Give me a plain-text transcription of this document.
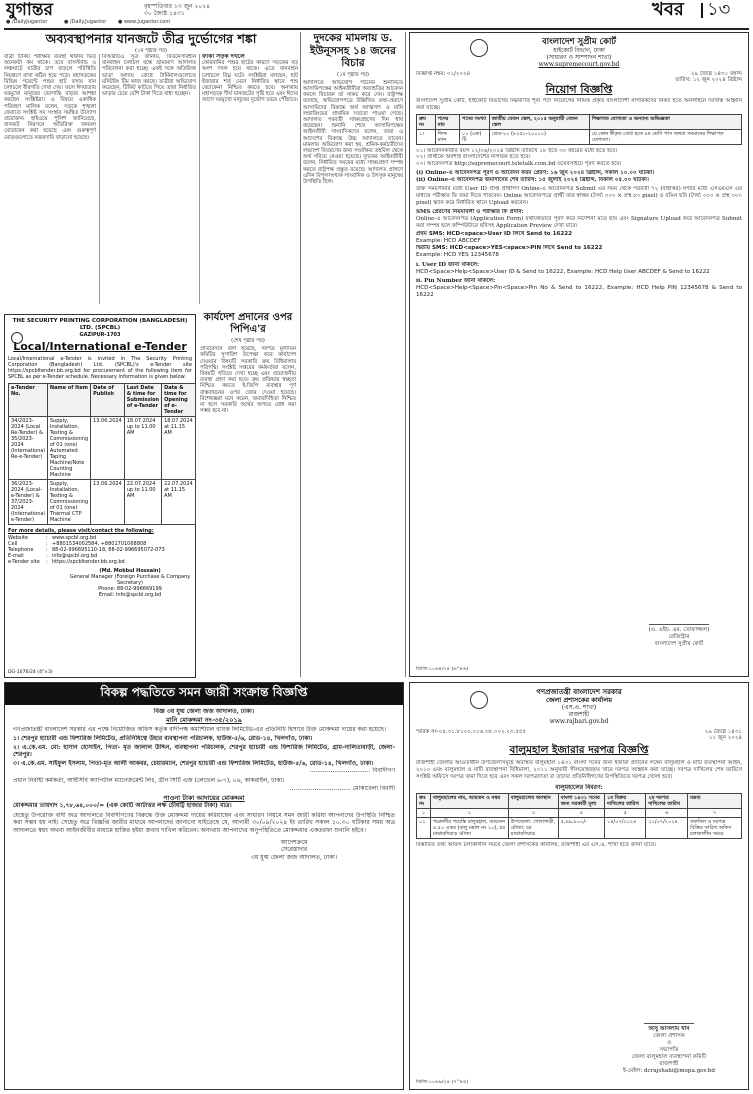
যুগান্তর	বৃহস্পতিবার ১৩ জুন ২০২৪
৩০ জ্যৈষ্ঠ ১৪৩১
● /DailyJugantor	● /Daily.Jugantor ● www.jugantor.com
খবর ১৩
অব্যবস্থাপনার যানজটে তীব্র দুর্ভোগের শঙ্কা
(১ম পৃষ্ঠার পর)
যাত্রী টিকিট পরীক্ষার ব্যবস্থা থাকায় ভিড় অনেকটা কম থাকে। তবে বাসস্ট্যান্ড ও লঞ্চঘাটে যাত্রীর চাপ বাড়লে পরিস্থিতি নিয়ন্ত্রণে রাখা কঠিন হয়ে পড়ে। মহাসড়কের বিভিন্ন পয়েন্টে পশুর হাট বসায় যান চলাচলে ধীরগতি দেখা দেয়। ফলে ঈদযাত্রায় ঘরমুখো মানুষের ভোগান্তি বাড়ার আশঙ্কা করছেন সংশ্লিষ্টরা। এ বিষয়ে একাধিক পরিবহণ মালিক বলেন, সড়কে শৃঙ্খলা ফেরাতে সংশ্লিষ্ট সব সংস্থার সমন্বিত উদ্যোগ প্রয়োজন। হাইওয়ে পুলিশ জানিয়েছে, যানজট নিরসনে অতিরিক্ত জনবল মোতায়েন করা হয়েছে এবং গুরুত্বপূর্ণ মোড়গুলোতে নজরদারি বাড়ানো হয়েছে।
বিআরটিএ সূত্র জানায়, ফিটনেসবিহীন যানবাহন চলাচল বন্ধে ভ্রাম্যমাণ আদালত পরিচালনা করা হচ্ছে। একই সঙ্গে অতিরিক্ত ভাড়া আদায় রোধে টার্মিনালগুলোতে মনিটরিং টিম কাজ করছে। যাত্রীরা অভিযোগ করেছেন, টিকিট কাটতে গিয়ে তারা নির্ধারিত ভাড়ার চেয়ে বেশি টাকা দিতে বাধ্য হচ্ছেন।
ফাঁকা সড়ক দখলে
কোরবানির পশুর হাটের কারণে সড়কের বড় অংশ দখল হয়ে থাকে। এতে যানবাহন চলাচলে বিঘ্ন ঘটে। সংশ্লিষ্টরা বলছেন, হাট ইজারার শর্ত মেনে নির্ধারিত স্থানে পশু বেচাকেনা নিশ্চিত করতে হবে। অন্যথায় মহাসড়কে দীর্ঘ যানজটের সৃষ্টি হবে এবং ঈদের আগে ঘরমুখো মানুষের দুর্ভোগ চরমে পৌঁছাবে।
দুদকের মামলায় ড. ইউনূসসহ ১৪ জনের বিচার
(১ম পৃষ্ঠার পর)
আদালতে অভিযোগ গঠনের শুনানিতে আসামিপক্ষের আইনজীবীরা অব্যাহতির আবেদন করলে বিচারক তা নাকচ করে দেন। রাষ্ট্রপক্ষ বলেছে, অভিযোগপত্রে উল্লিখিত তথ্য-প্রমাণে আসামিদের বিরুদ্ধে অর্থ আত্মসাৎ ও মানি লন্ডারিংয়ের প্রাথমিক সত্যতা পাওয়া গেছে। আদালত পরবর্তী সাক্ষ্যগ্রহণের দিন ধার্য করেছেন। শুনানি শেষে আসামিপক্ষের আইনজীবী সাংবাদিকদের বলেন, তারা এ আদেশের বিরুদ্ধে উচ্চ আদালতে যাবেন। মামলায় অভিযোগ করা হয়, শ্রমিক-কর্মচারীদের লভ্যাংশ বিতরণের জন্য সংরক্ষিত তহবিল থেকে অর্থ সরিয়ে নেওয়া হয়েছে। দুদকের আইনজীবী বলেন, নির্ধারিত সময়ের মধ্যে সাক্ষ্যগ্রহণ সম্পন্ন করতে রাষ্ট্রপক্ষ প্রস্তুত রয়েছে। আদালত প্রাঙ্গণে এদিন বিপুলসংখ্যক সাংবাদিক ও উৎসুক মানুষের উপস্থিতি ছিল।
কার্যদেশ প্রদানের ওপর পিপিএ'র
(শেষ পৃষ্ঠার পর)
প্রতিবেদনে বলা হয়েছে, দরপত্র মূল্যায়ন কমিটির সুপারিশ উপেক্ষা করে কার্যাদেশ দেওয়ার বিষয়টি সরকারি ক্রয় বিধিমালার পরিপন্থি। সংশ্লিষ্ট দপ্তরের কর্মকর্তারা বলেন, বিষয়টি খতিয়ে দেখা হচ্ছে এবং প্রয়োজনীয় ব্যবস্থা গ্রহণ করা হবে। ক্রয় প্রক্রিয়ায় স্বচ্ছতা নিশ্চিত করতে ই-জিপি ব্যবস্থার পূর্ণ বাস্তবায়নের ওপর জোর দেওয়া হয়েছে। বিশেষজ্ঞরা মনে করেন, জবাবদিহিতা নিশ্চিত না হলে সরকারি অর্থের অপচয় রোধ করা সম্ভব হবে না।
THE SECURITY PRINTING CORPORATION (BANGLADESH) LTD. (SPCBL)
GAZIPUR-1703
Local/International e-Tender
Local/International e-Tender is invited in The Security Printing Corporation (Bangladesh) Ltd. (SPCBL)'s e-Tender site https://spcbltender.bb.org.bd for procurement of the following item for SPCBL as per e-Tender schedule. Necessary information is given below.
e-Tender No.	Name of Item	Date of Publish	Last Date & time for Submission of e-Tender	Date & time for Opening of e-Tender
34/2023-2024 (Local Re-Tender) & 35/2023-2024 (International Re-e-Tender)	Supply, Installation, Testing & Commissioning of 01 (one) Automated Taping Machine/Note Counting Machine	13.06.2024	18.07.2024 up to 11.00 AM	18.07.2024 at 11.15 AM
36/2023-2024 (Local-e-Tender) & 37/2023-2024 (International e-Tender)	Supply, Installation, Testing & Commissioning of 01 (one) Thermal CTP Machine	13.06.2024	22.07.2024 up to 11.00 AM	22.07.2024 at 11.15 AM
For more details, please visit/contact the following:
Website	: www.spcbl.org.bd
Cell	: +8801534002584, +8801701068808
Telephone	: 88-02-996695110-18, 88-02-996695072-073
E-mail	: info@spcbl.org.bd
e-Tender site	: https://spcbltender.bb.org.bd
(Md. Mokbul Hossain)
General Manager (Foreign Purchase & Company Secretary)
Phone: 88-02-996669199
Email: info@spcbl.org.bd
DG-1076/24 (4"×3)
বিকল্প পদ্ধতিতে সমন জারী সংক্রান্ত বিজ্ঞপ্তি
বিজ্ঞ ৩য় যুগ্ম জেলা জজ আদালত, ঢাকা।
মানি মোকদ্দমা নং-৩৫/২০১৯
গণপ্রজাতন্ত্রী বাংলাদেশ সরকার এর পক্ষে নিয়োজিত অফিস কর্তৃক বাদীপক্ষ কমার্শিয়াল ব্যাংক লিমিটেড-এর প্রতিনিধি হিসাবে উক্ত মোকদ্দমা দায়ের করা হয়েছে।
১। শেরপুর হ্যাচারী এন্ড ফিশারিজ লিমিটেড, প্রতিনিধিত্বে উহার ব্যবস্থাপনা পরিচালক, হাউজ-৫/৬, রোড-১৪, খিলগাঁও, ঢাকা।
২। এ.কে.এম. মো: হাসান হোসাইন, পিতা- মৃত জালাল উদ্দিন, ব্যবস্থাপনা পরিচালক, শেরপুর হ্যাচারী এন্ড ফিশারিজ লিমিটেড, গ্রাম-নালিতাবাড়ী, জেলা- শেরপুর।
৩। এ.কে.এম. সাইফুল ইসলাম, পিতা-মৃত আলী আকবর, চেয়ারম্যান, শেরপুর হ্যাচারী এন্ড ফিশারিজ লিমিটেড, হাউজ-৫/৬, রোড-১৪, খিলগাঁও, ঢাকা।
................................ বিবাদীগণ
প্রধান নির্বাহী কর্মকর্তা, আইসিবি ক্যাপিটাল ম্যানেজমেন্ট লিঃ, গ্রীন সিটি এজ (লেভেল ৬-৭), ৮৯, কাকরাইল, ঢাকা।
................................ মোকাবেলা বিবাদী
পাওনা টাকা আদায়ের মোকদ্দমা
মোকদ্দমার তায়দাদ ১,৭৮,৬৪,০০০/= (এক কোটি আটাত্তর লক্ষ চৌষট্টি হাজার টাকা) মাত্র।
যেহেতু উপরোক্ত বাদী অত্র আদালতে বিবাদীগণের বিরুদ্ধে উক্ত মোকদ্দমা দায়ের করিয়াছেন এবং সাধারণ নিয়মে সমন জারী করিয়া আপনাদের উপস্থিতি নিশ্চিত করা সম্ভব হয় নাই। সেহেতু অত্র বিজ্ঞপ্তি জারীর মাধ্যমে আপনাদের জানানো যাইতেছে যে, আগামী ৩০/০৯/২০২৪ ইং তারিখ সকাল ১০.৩০ ঘটিকার সময় অত্র আদালতে স্বয়ং অথবা আইনজীবীর মাধ্যমে হাজির হইয়া জবাব দাখিল করিবেন। অন্যথায় আপনাদের অনুপস্থিতিতে মোকদ্দমার একতরফা শুনানি হইবে।
আদেশক্রমে
সেরেস্তাদার
৩য় যুগ্ম জেলা জজ আদালত, ঢাকা।
বাংলাদেশ সুপ্রীম কোর্ট
হাইকোর্ট বিভাগ, ঢাকা
(সাধারণ ও সাম্পাদন শাখা)
www.supremecourt.gov.bd
বিজ্ঞপ্তি নম্বর: ০১/২০২৪	২৯ জ্যৈষ্ঠ ১৪৩১ বঙ্গাব্দ
তারিখ: ১২ জুন ২০২৪ খ্রিষ্টাব্দ
নিয়োগ বিজ্ঞপ্তি
বাংলাদেশ সুপ্রীম কোর্ট, হাইকোর্ট বিভাগের নিম্নবর্ণিত শূন্য পদে নিয়োগের নিমিত্ত প্রকৃত বাংলাদেশী নাগরিকদের নিকট হতে অনলাইনে দরখাস্ত আহ্বান করা যাচ্ছে।
ক্রম নং	পদের নাম	পদের সংখ্যা	জাতীয় বেতন স্কেল, ২০১৫ অনুযায়ী বেতন স্কেল	শিক্ষাগত যোগ্যতা ও অন্যান্য অভিজ্ঞতা
১।	ফিল্ড ম্যান	০১ (এক) টি	গ্রেড-২০ (৮২৫০-২০০১০)	যে কোন স্বীকৃত বোর্ড হতে ৮ম শ্রেণি পাস অথবা সমমানের শিক্ষাগত যোগ্যতা।
০১। আবেদনকারীর বয়স ১২/০৬/২০২৪ খ্রিষ্টাব্দ তারিখে ১৮ হতে ৩০ বছরের মধ্যে হতে হবে।
০২। প্রার্থীকে অবশ্যই বাংলাদেশের নাগরিক হতে হবে।
০৩। আবেদনপত্র http://supremecourt.teletalk.com.bd ওয়েবসাইটে পূরণ করতে হবে।
(i) Online-এ আবেদনপত্র পূরণ ও আবেদন ফরম প্রেরণ: ১৬ জুন ২০২৪ খ্রিষ্টাব্দ, সকাল ১০.০০ ঘটিকা।
(ii) Online-এ আবেদনপত্র জমাদানের শেষ তারিখ: ১৫ জুলাই ২০২৪ খ্রিষ্টাব্দ, বিকাল ০৫.০০ ঘটিকা।
উক্ত সময়সীমার মধ্যে User ID প্রাপ্ত প্রার্থীগণ Online-এ আবেদনপত্র Submit এর সময় থেকে পরবর্তী ৭২ (বাহাত্তর) ঘণ্টার মধ্যে এসএমএস এর মাধ্যমে পরীক্ষার ফি জমা দিতে পারবেন। Online আবেদনপত্রে প্রার্থী তার স্বাক্ষর (দৈর্ঘ্য ৩০০ × প্রস্থ ৮০ pixel) ও রঙিন ছবি (দৈর্ঘ্য ৩০০ × প্রস্থ ৩০০ pixel) স্ক্যান করে নির্ধারিত স্থানে Upload করবেন।
SMS প্রেরণের নিয়মাবলী ও পরীক্ষার ফি প্রদান:
Online-এ আবেদনপত্র (Application Form) যথাযথভাবে পূরণ করে নির্দেশনা মতে ছবি এবং Signature Upload করে আবেদনপত্র Submit করা সম্পন্ন হলে কম্পিউটারে ছবিসহ Application Preview দেখা যাবে।
প্রথম SMS: HCD<space>User ID লিখে Send to 16222
Example: HCD ABCDEF
দ্বিতীয় SMS: HCD<space>YES<space>PIN লিখে Send to 16222
Example: HCD YES 12345678
i. User ID জানা থাকলে:
HCD<Space>Help<Space>User ID & Send to 16222, Example: HCD Help User ABCDEF & Send to 16222
ii. Pin Number জানা থাকলে:
HCD<Space>Help<Space>Pin<Space>Pin No & Send to 16222, Example: HCD Help PIN 12345678 & Send to 16222
(এ. এইচ. এম. তোফাজ্জল)
রেজিস্ট্রার
বাংলাদেশ সুপ্রীম কোর্ট
ডিজি-১০৬৪/২৪ (৬"×৬)
গণপ্রজাতন্ত্রী বাংলাদেশ সরকার
জেলা প্রশাসকের কার্যালয়
(এস.এ. শাখা)
রাজশাহী
www.rajbari.gov.bd
স্মারক নং-০৫.৩১.৮১০০.০১৬.৩৮.০০২.২৩.৫৫৫	২৯ জ্যৈষ্ঠ ১৪৩১
১১ জুন ২০২৪
বালুমহাল ইজারার দরপত্র বিজ্ঞপ্তি
রাজশাহী জেলার আওতাধীন উপজেলাসমূহে অবস্থিত বালুমহাল ১৪৩১ বাংলা সনের জন্য ইজারা প্রদানের লক্ষ্যে বালুমহাল ও মাটি ব্যবস্থাপনা আইন, ২০১০ এবং বালুমহাল ও মাটি ব্যবস্থাপনা বিধিমালা, ২০১১ অনুযায়ী সীলমোহরকৃত খামে দরপত্র আহ্বান করা যাচ্ছে। দরপত্র দাখিলের শেষ তারিখে সংশ্লিষ্ট অফিসে দরপত্র জমা দিতে হবে এবং সকল দরপত্রদাতা বা তাদের প্রতিনিধিগণের উপস্থিতিতে দরপত্র খোলা হবে।
বালুমহালের বিবরণ:
ক্রঃ নং	বালুমহালের নাম, আয়তন ও নম্বর	বালুমহালের অবস্থান	বাংলা ১৪৩১ সনের জন্য সরকারী মূল্য	১ম বিক্রয় দাখিলের তারিখ	২য় দরপত্র দাখিলের তারিখ	মন্তব্য
১	২	৩	৪	৫	৬	৭
০১	পদ্মানদীর পয়েস্তি বালুমহাল, আয়তন ৪.৫০ একর (বালু মহাল নং ১০), চর মাঝারদিয়াড় মৌজা	উপজেলা: গোদাগাড়ী, মৌজা: চর মাঝারদিয়াড়	৫,৬৯,৮০০/-	১৪/০৭/২০২৪	২১/০৭/২০২৪	তফসিল ও দরপত্র বিক্রির তারিখ অফিস চলাকালীন সময়ে
বিস্তারিত তথ্য অফিস চলাকালীন সময়ে জেলা প্রশাসকের কার্যালয়, রাজশাহী এর এস.এ. শাখা হতে জানা যাবে।
আবু আসলাম খান
জেলা প্রশাসক
ও
সভাপতি
জেলা বালুমহাল ব্যবস্থাপনা কমিটি
রাজশাহী
ই-মেইল: dcrajshahi@mopa.gov.bd
ডিজি-১০৬৯/২৪ (৭"×৫)
